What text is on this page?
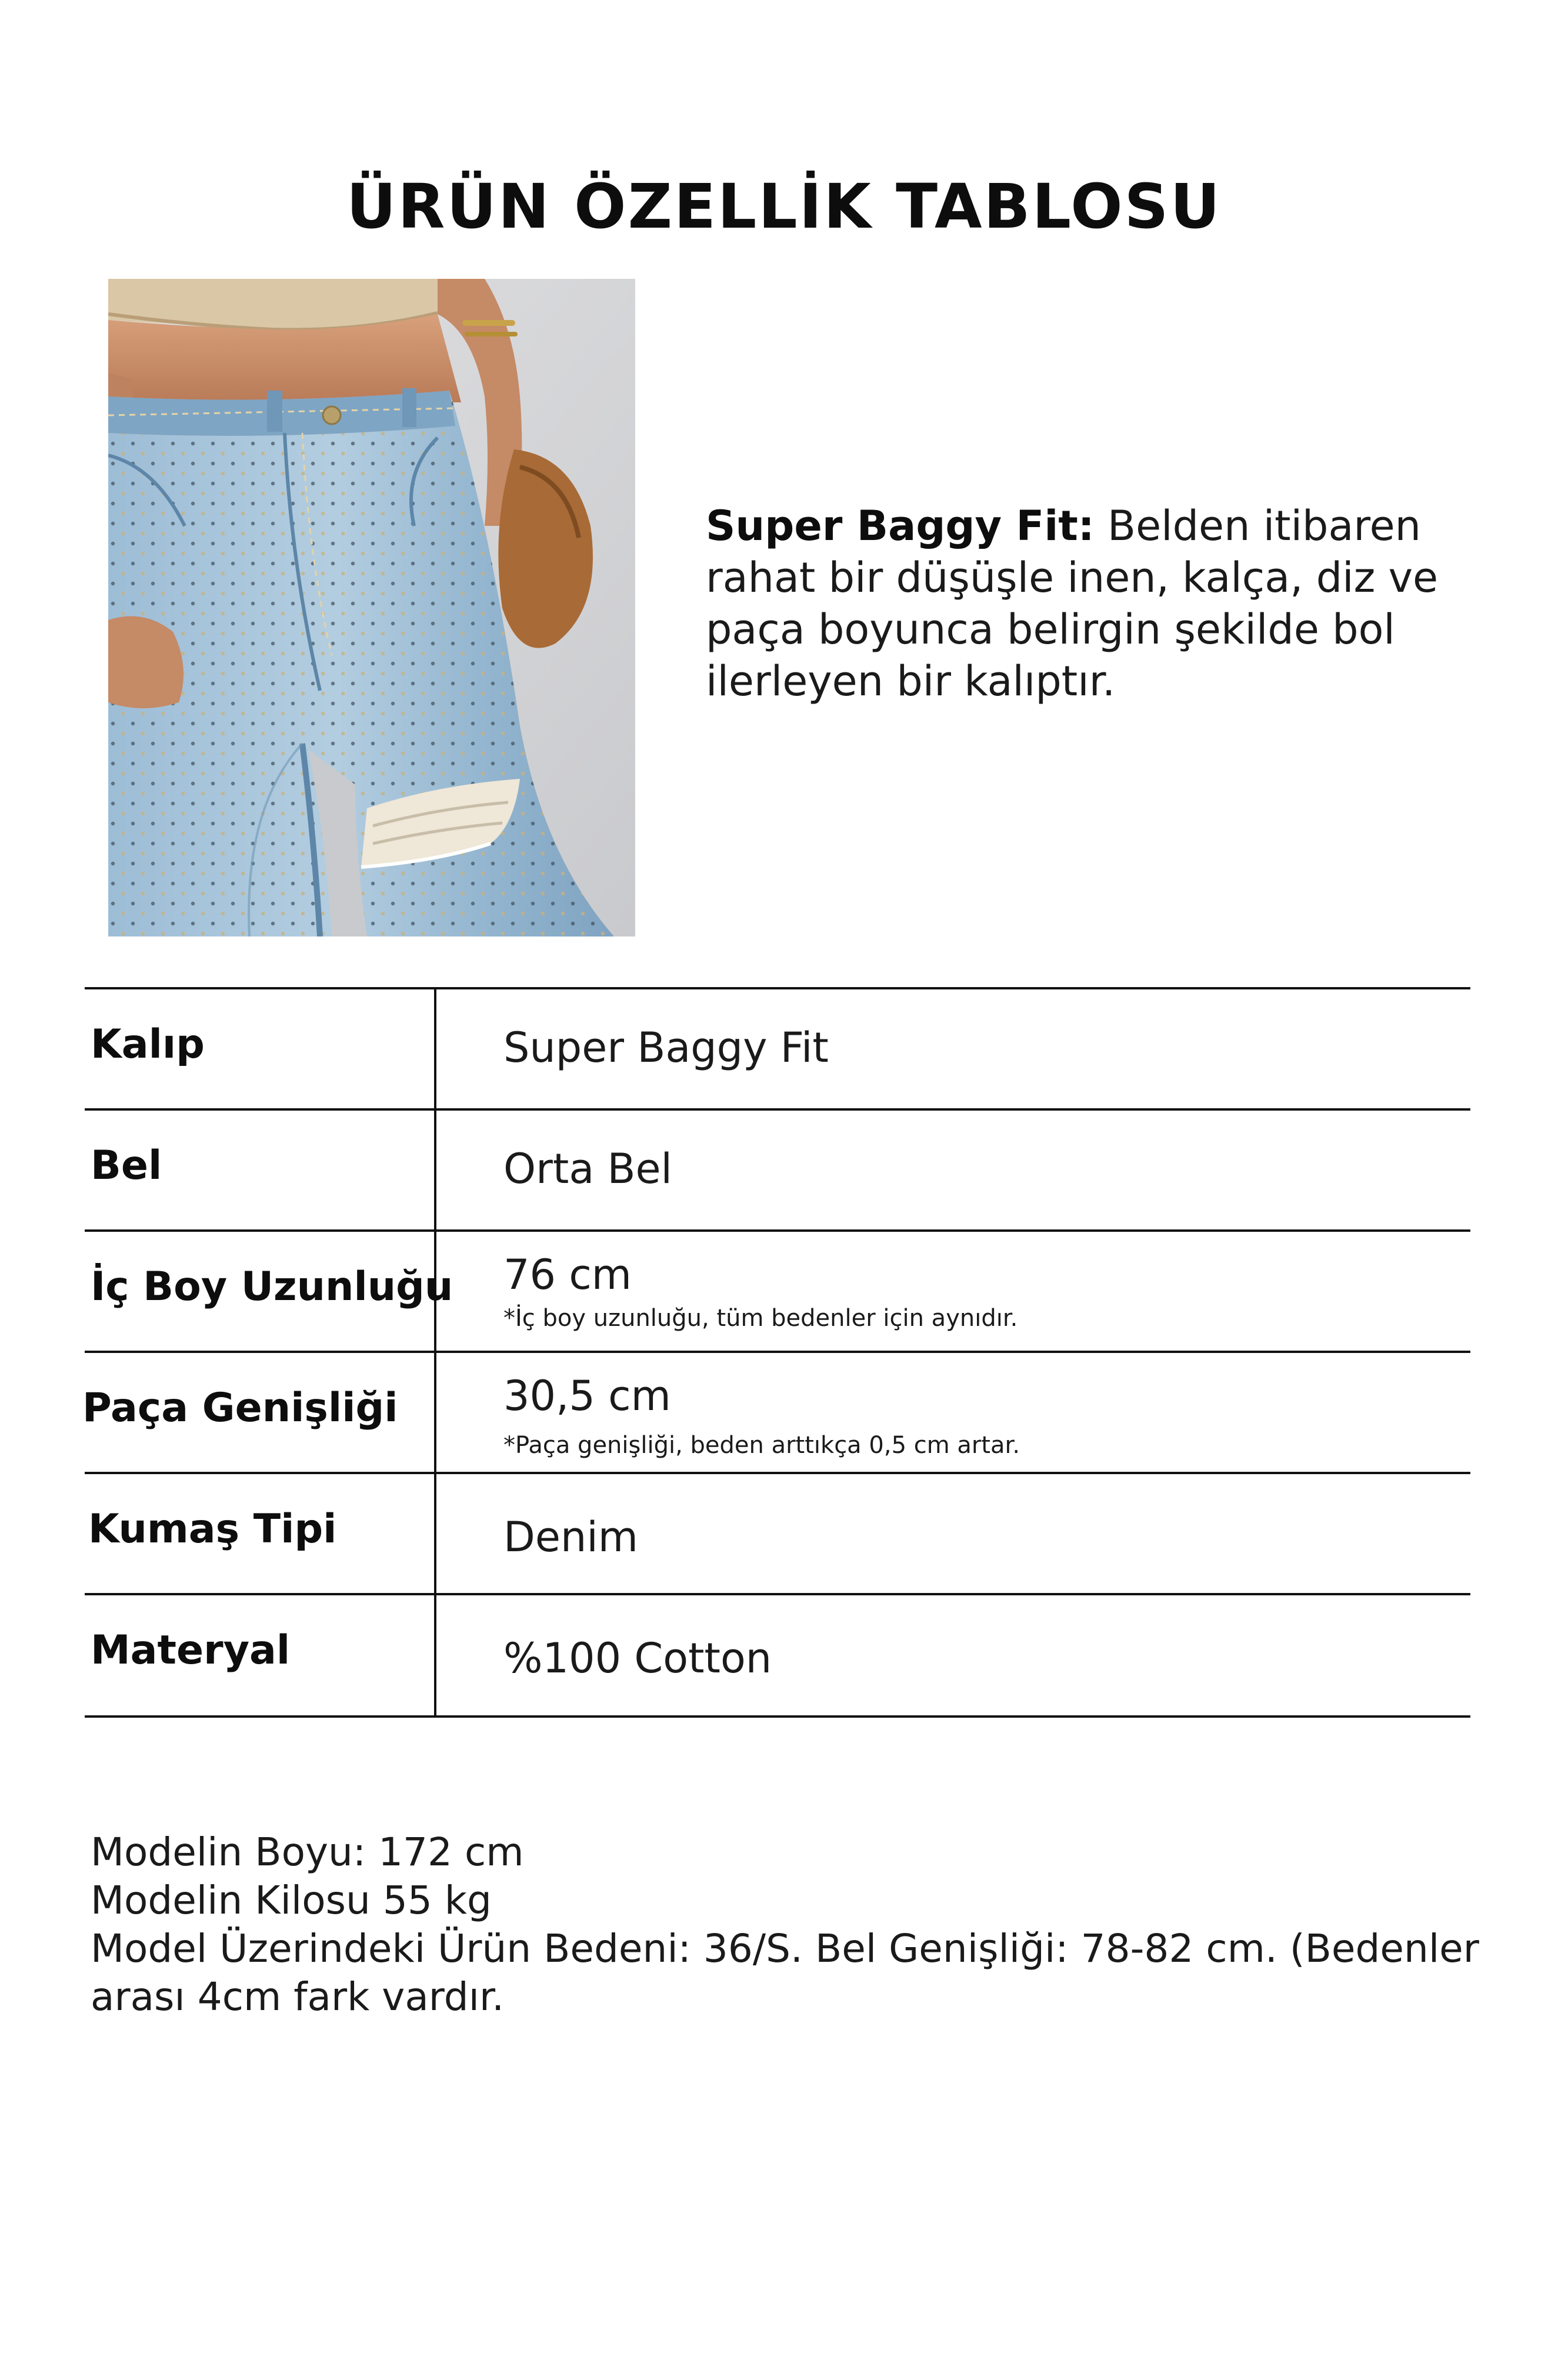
ÜRÜN ÖZELLİK TABLOSU
Super Baggy Fit: Belden itibaren rahat bir düşüşle inen, kalça, diz ve paça boyunca belirgin şekilde bol ilerleyen bir kalıptır.
Kalıp	Super Baggy Fit
Bel	Orta Bel
İç Boy Uzunluğu 76 cm
*İç boy uzunluğu, tüm bedenler için aynıdır.
Paça Genişliği	30,5 cm
*Paça genişliği, beden arttıkça 0,5 cm artar.
Kumaş Tipi	Denim
Materyal	%100 Cotton
Modelin Boyu: 172 cm
Modelin Kilosu 55 kg
Model Üzerindeki Ürün Bedeni: 36/S. Bel Genişliği: 78-82 cm. (Bedenler
arası 4cm fark vardır.
